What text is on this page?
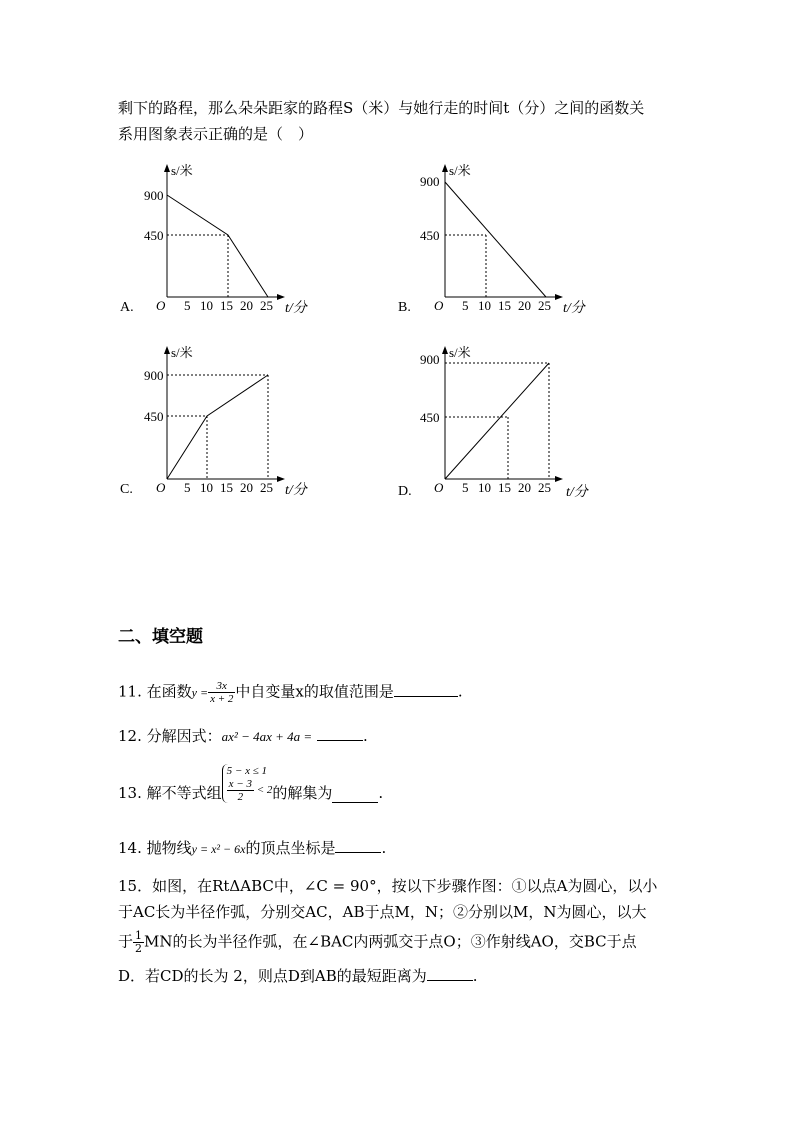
剩下的路程，那么朵朵距家的路程S（米）与她行走的时间t（分）之间的函数关
系用图象表示正确的是（　）
s/米
900
450
O 5 10 15 20 25
A.	t/分
s/米
900
450
O 5 10 15 20 25
B.	t/分
s/米
900
450
O 5 10 15 20 25
C.	t/分
s/米
900
450
O 5 10 15 20 25
D.	t/分
二、填空题
11. 在函数$y = \frac{3x}{x + 2}$ 中自变量x的取值范围是	.
12. 分解因式：ax² − 4ax + 4a =	.
13. 解不等式组
5 − x ≤ 1
$\frac{x - 3}{2} < 2$ 的解集为	.
14. 抛物线y = x² − 6x的顶点坐标是	.
15．如图，在RtΔABC中，∠C = 90°，按以下步骤作图：①以点A为圆心，以小
于AC长为半径作弧，分别交AC，AB于点M，N；②分别以M，N为圆心，以大
于 $\frac{1}{2}$ MN的长为半径作弧，在∠BAC内两弧交于点O；③作射线AO，交BC于点
D．若CD的长为 2，则点D到AB的最短距离为	.
